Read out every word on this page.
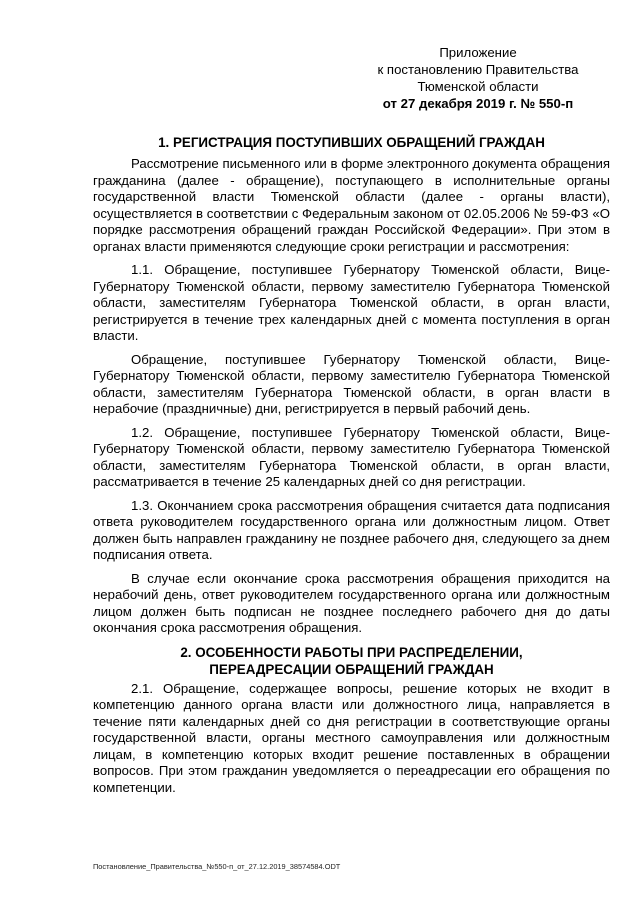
Приложение
к постановлению Правительства
Тюменской области
от 27 декабря 2019 г. № 550-п
1. РЕГИСТРАЦИЯ ПОСТУПИВШИХ ОБРАЩЕНИЙ ГРАЖДАН

Рассмотрение письменного или в форме электронного документа обращения гражданина (далее - обращение), поступающего в исполнительные органы государственной власти Тюменской области (далее - органы власти), осуществляется в соответствии с Федеральным законом от 02.05.2006 № 59-ФЗ «О порядке рассмотрения обращений граждан Российской Федерации». При этом в органах власти применяются следующие сроки регистрации и рассмотрения:

1.1. Обращение, поступившее Губернатору Тюменской области, Вице-Губернатору Тюменской области, первому заместителю Губернатора Тюменской области, заместителям Губернатора Тюменской области, в орган власти, регистрируется в течение трех календарных дней с момента поступления в орган власти.

Обращение, поступившее Губернатору Тюменской области, Вице-Губернатору Тюменской области, первому заместителю Губернатора Тюменской области, заместителям Губернатора Тюменской области, в орган власти в нерабочие (праздничные) дни, регистрируется в первый рабочий день.

1.2. Обращение, поступившее Губернатору Тюменской области, Вице-Губернатору Тюменской области, первому заместителю Губернатора Тюменской области, заместителям Губернатора Тюменской области, в орган власти, рассматривается в течение 25 календарных дней со дня регистрации.

1.3. Окончанием срока рассмотрения обращения считается дата подписания ответа руководителем государственного органа или должностным лицом. Ответ должен быть направлен гражданину не позднее рабочего дня, следующего за днем подписания ответа.

В случае если окончание срока рассмотрения обращения приходится на нерабочий день, ответ руководителем государственного органа или должностным лицом должен быть подписан не позднее последнего рабочего дня до даты окончания срока рассмотрения обращения.

2. ОСОБЕННОСТИ РАБОТЫ ПРИ РАСПРЕДЕЛЕНИИ,
ПЕРЕАДРЕСАЦИИ ОБРАЩЕНИЙ ГРАЖДАН

2.1. Обращение, содержащее вопросы, решение которых не входит в компетенцию данного органа власти или должностного лица, направляется в течение пяти календарных дней со дня регистрации в соответствующие органы государственной власти, органы местного самоуправления или должностным лицам, в компетенцию которых входит решение поставленных в обращении вопросов. При этом гражданин уведомляется о переадресации его обращения по компетенции.

Постановление_Правительства_№550-п_от_27.12.2019_38574584.ODT
